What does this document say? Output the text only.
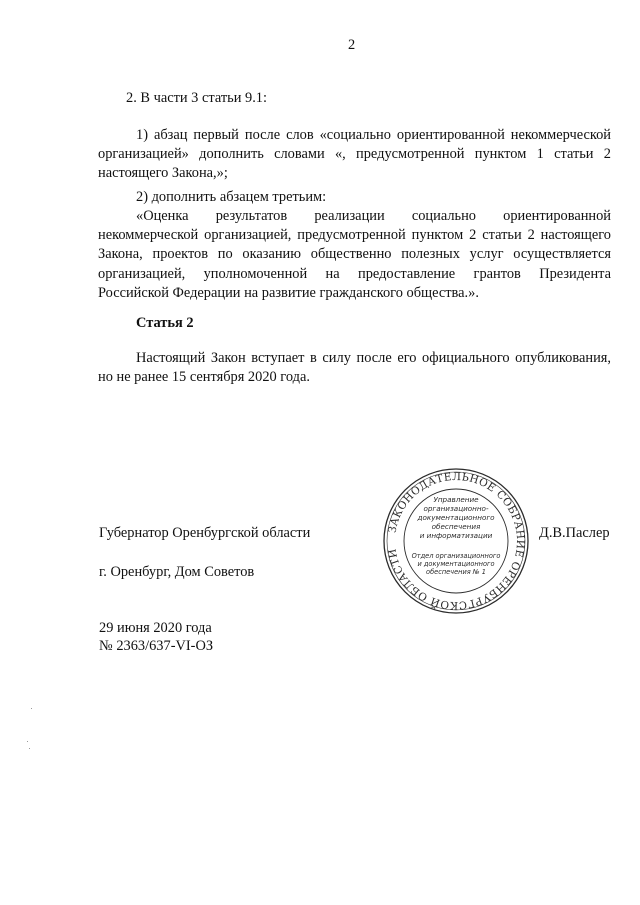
2
2. В части 3 статьи 9.1:
1) абзац первый после слов «социально ориентированной некоммерческой организацией» дополнить словами «, предусмотренной пунктом 1 статьи 2 настоящего Закона,»;
2) дополнить абзацем третьим:
«Оценка результатов реализации социально ориентированной некоммерческой организацией, предусмотренной пунктом 2 статьи 2 настоящего Закона, проектов по оказанию общественно полезных услуг осуществляется организацией, уполномоченной на предоставление грантов Президента Российской Федерации на развитие гражданского общества.».
Статья 2
Настоящий Закон вступает в силу после его официального опубликования, но не ранее 15 сентября 2020 года.
Губернатор Оренбургской области	Д.В.Паслер
г. Оренбург, Дом Советов
29 июня 2020 года
№ 2363/637-VI-ОЗ
ЗАКОНОДАТЕЛЬНОЕ СОБРАНИЕ ОРЕНБУРГСКОЙ ОБЛАСТИ
Управление
организационно-
документационного
обеспечения
и информатизации
Отдел организационного
и документационного
обеспечения № 1
